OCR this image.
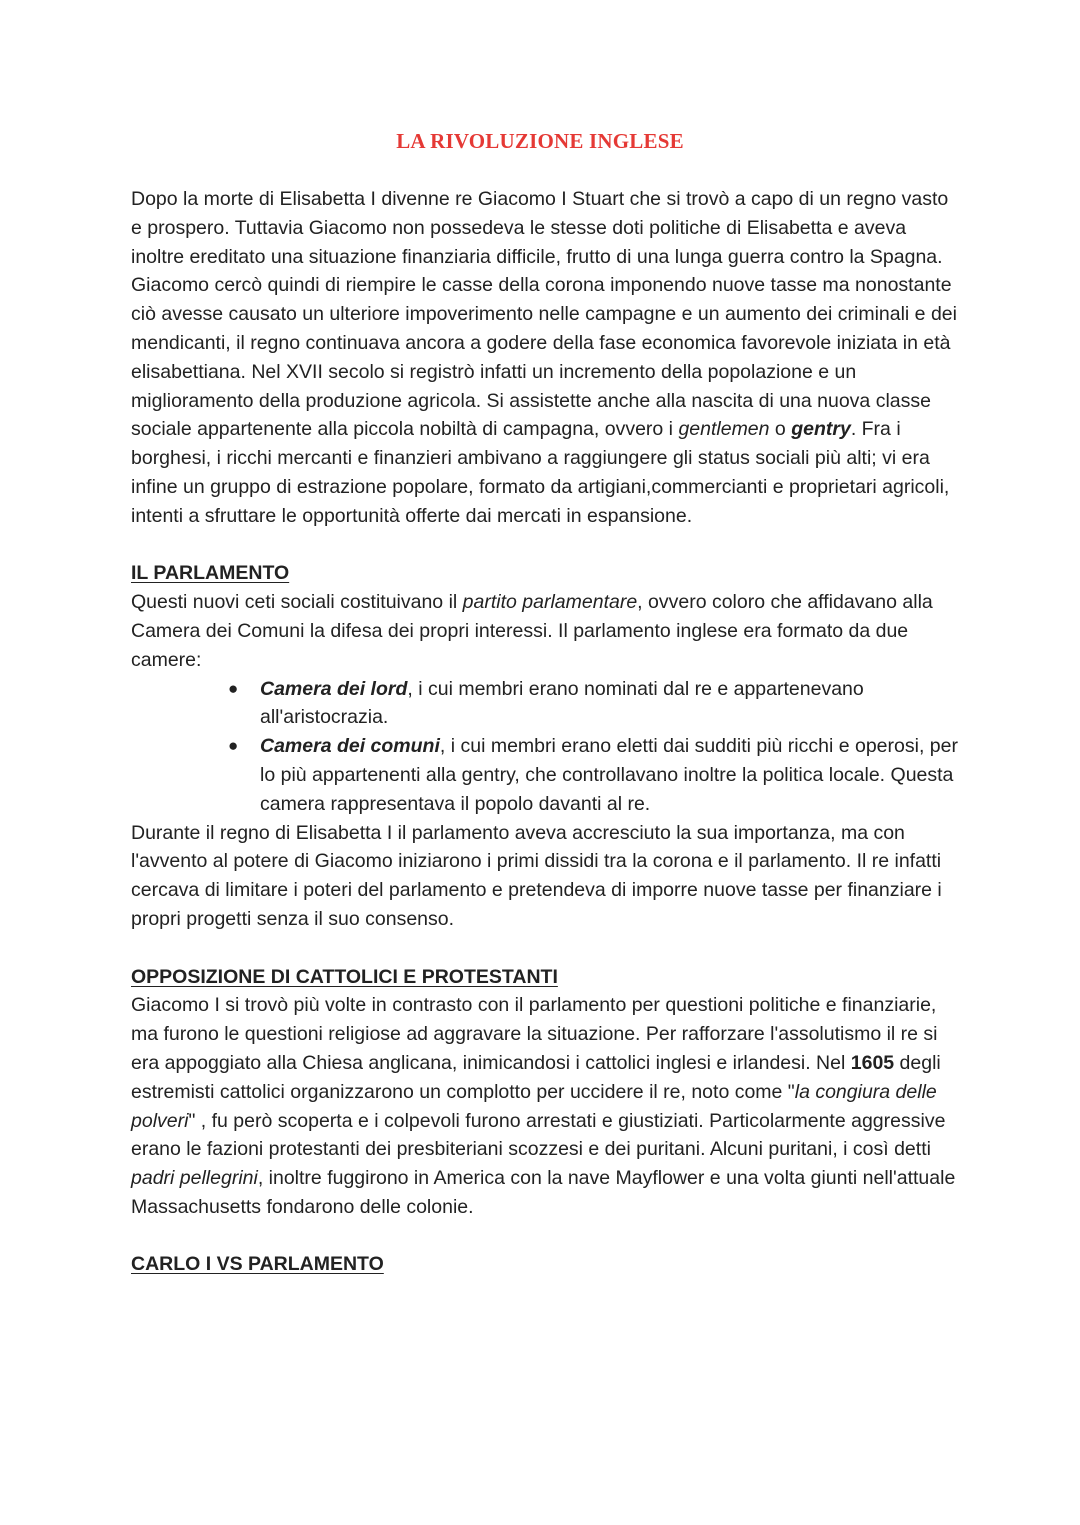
LA RIVOLUZIONE INGLESE

Dopo la morte di Elisabetta I divenne re Giacomo I Stuart che si trovò a capo di un regno vasto e prospero. Tuttavia Giacomo non possedeva le stesse doti politiche di Elisabetta e aveva inoltre ereditato una situazione finanziaria difficile, frutto di una lunga guerra contro la Spagna. Giacomo cercò quindi di riempire le casse della corona imponendo nuove tasse ma nonostante ciò avesse causato un ulteriore impoverimento nelle campagne e un aumento dei criminali e dei mendicanti, il regno continuava ancora a godere della fase economica favorevole iniziata in età elisabettiana. Nel XVII secolo si registrò infatti un incremento della popolazione e un miglioramento della produzione agricola. Si assistette anche alla nascita di una nuova classe sociale appartenente alla piccola nobiltà di campagna, ovvero i gentlemen o gentry. Fra i borghesi, i ricchi mercanti e finanzieri ambivano a raggiungere gli status sociali più alti; vi era infine un gruppo di estrazione popolare, formato da artigiani,commercianti e proprietari agricoli, intenti a sfruttare le opportunità offerte dai mercati in espansione.

IL PARLAMENTO

Questi nuovi ceti sociali costituivano il partito parlamentare, ovvero coloro che affidavano alla Camera dei Comuni la difesa dei propri interessi. Il parlamento inglese era formato da due camere:

● Camera dei lord, i cui membri erano nominati dal re e appartenevano all'aristocrazia.
● Camera dei comuni, i cui membri erano eletti dai sudditi più ricchi e operosi, per lo più appartenenti alla gentry, che controllavano inoltre la politica locale. Questa camera rappresentava il popolo davanti al re.

Durante il regno di Elisabetta I il parlamento aveva accresciuto la sua importanza, ma con l'avvento al potere di Giacomo iniziarono i primi dissidi tra la corona e il parlamento. Il re infatti cercava di limitare i poteri del parlamento e pretendeva di imporre nuove tasse per finanziare i propri progetti senza il suo consenso.

OPPOSIZIONE DI CATTOLICI E PROTESTANTI

Giacomo I si trovò più volte in contrasto con il parlamento per questioni politiche e finanziarie, ma furono le questioni religiose ad aggravare la situazione. Per rafforzare l'assolutismo il re si era appoggiato alla Chiesa anglicana, inimicandosi i cattolici inglesi e irlandesi. Nel 1605 degli estremisti cattolici organizzarono un complotto per uccidere il re, noto come "la congiura delle polveri" , fu però scoperta e i colpevoli furono arrestati e giustiziati. Particolarmente aggressive erano le fazioni protestanti dei presbiteriani scozzesi e dei puritani. Alcuni puritani, i così detti padri pellegrini, inoltre fuggirono in America con la nave Mayflower e una volta giunti nell'attuale Massachusetts fondarono delle colonie.

CARLO I VS PARLAMENTO
